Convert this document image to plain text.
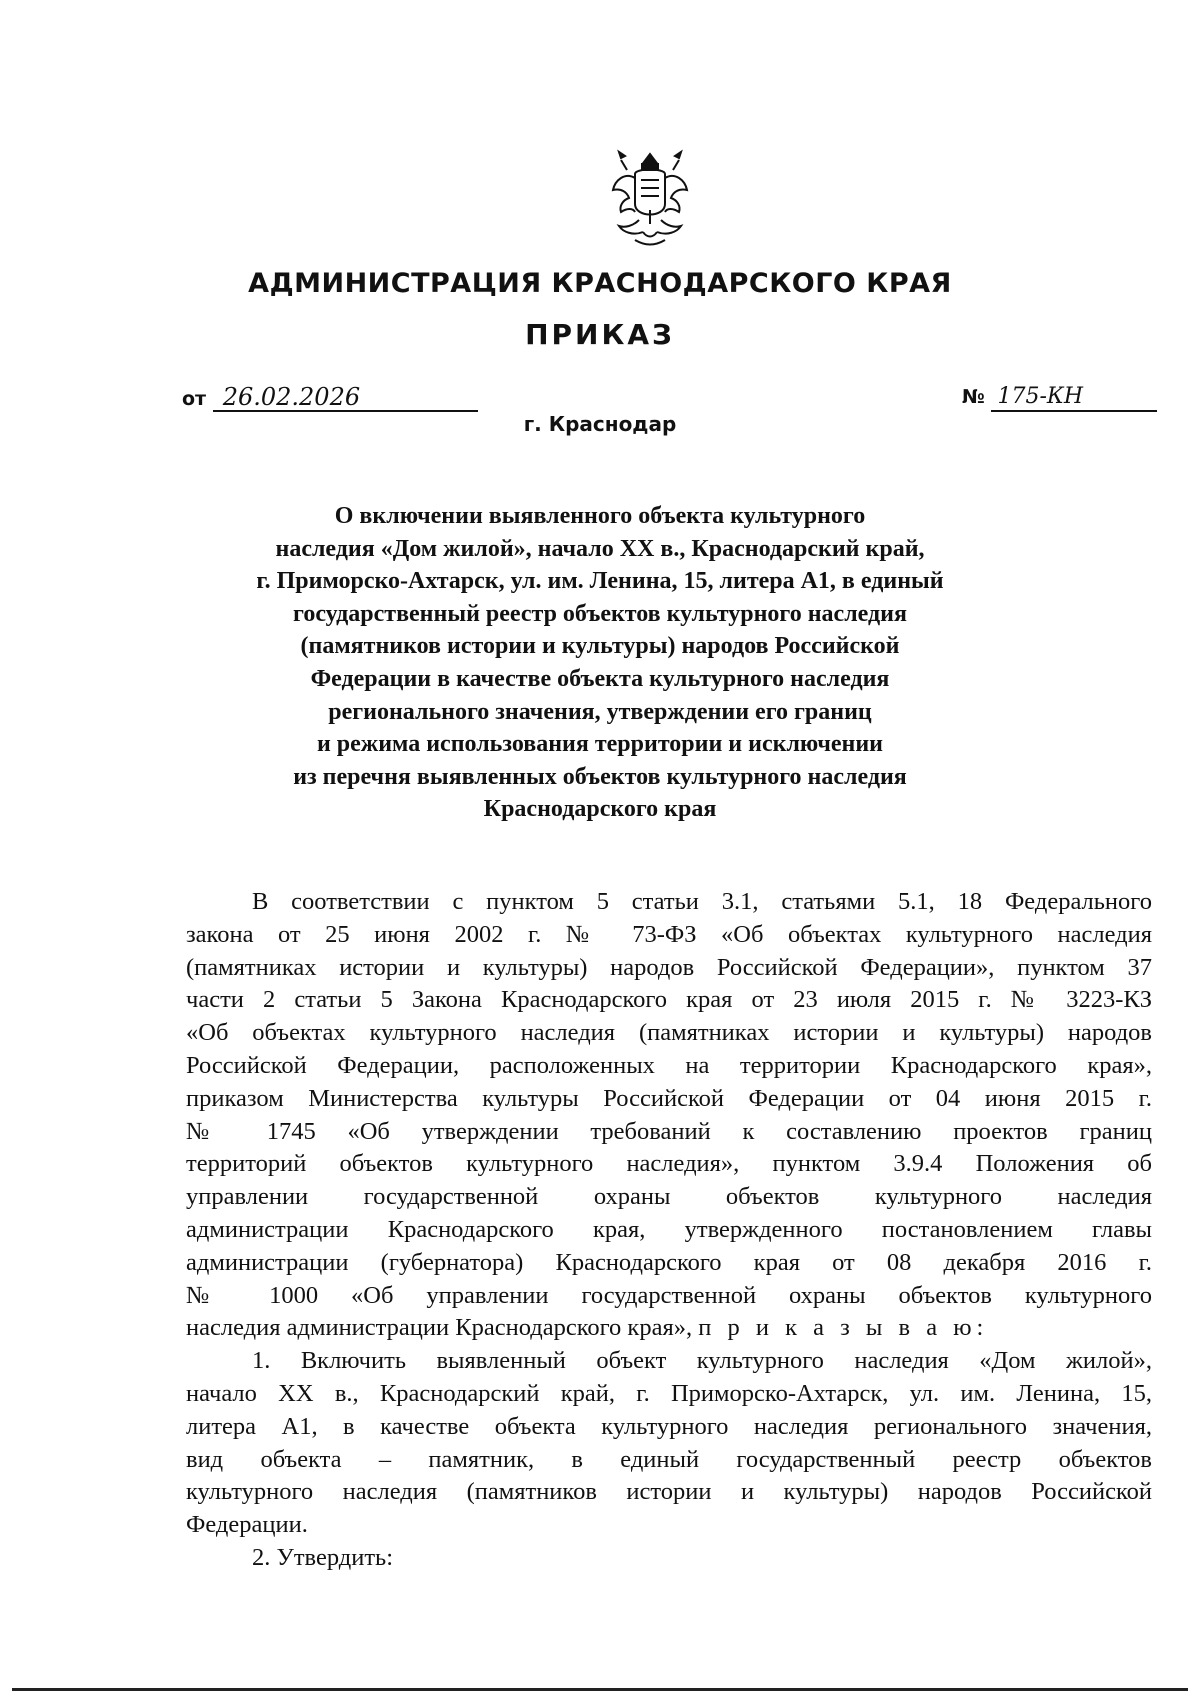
АДМИНИСТРАЦИЯ КРАСНОДАРСКОГО КРАЯ
ПРИКАЗ
от 26.02.2026	№ 175-КН
г. Краснодар
О включении выявленного объекта культурного
наследия «Дом жилой», начало XX в., Краснодарский край,
г. Приморско-Ахтарск, ул. им. Ленина, 15, литера А1, в единый
государственный реестр объектов культурного наследия
(памятников истории и культуры) народов Российской
Федерации в качестве объекта культурного наследия
регионального значения, утверждении его границ
и режима использования территории и исключении
из перечня выявленных объектов культурного наследия
Краснодарского края
В соответствии с пунктом 5 статьи 3.1, статьями 5.1, 18 Федерального
закона от 25 июня 2002 г. № 73-ФЗ «Об объектах культурного наследия
(памятниках истории и культуры) народов Российской Федерации», пунктом 37
части 2 статьи 5 Закона Краснодарского края от 23 июля 2015 г. № 3223-КЗ
«Об объектах культурного наследия (памятниках истории и культуры) народов
Российской Федерации, расположенных на территории Краснодарского края»,
приказом Министерства культуры Российской Федерации от 04 июня 2015 г.
№ 1745 «Об утверждении требований к составлению проектов границ
территорий объектов культурного наследия», пунктом 3.9.4 Положения об
управлении государственной охраны объектов культурного наследия
администрации Краснодарского края, утвержденного постановлением главы
администрации (губернатора) Краснодарского края от 08 декабря 2016 г.
№ 1000 «Об управлении государственной охраны объектов культурного
наследия администрации Краснодарского края», п р и к а з ы в а ю:
1. Включить выявленный объект культурного наследия «Дом жилой»,
начало XX в., Краснодарский край, г. Приморско-Ахтарск, ул. им. Ленина, 15,
литера А1, в качестве объекта культурного наследия регионального значения,
вид объекта – памятник, в единый государственный реестр объектов
культурного наследия (памятников истории и культуры) народов Российской
Федерации.
2. Утвердить:
